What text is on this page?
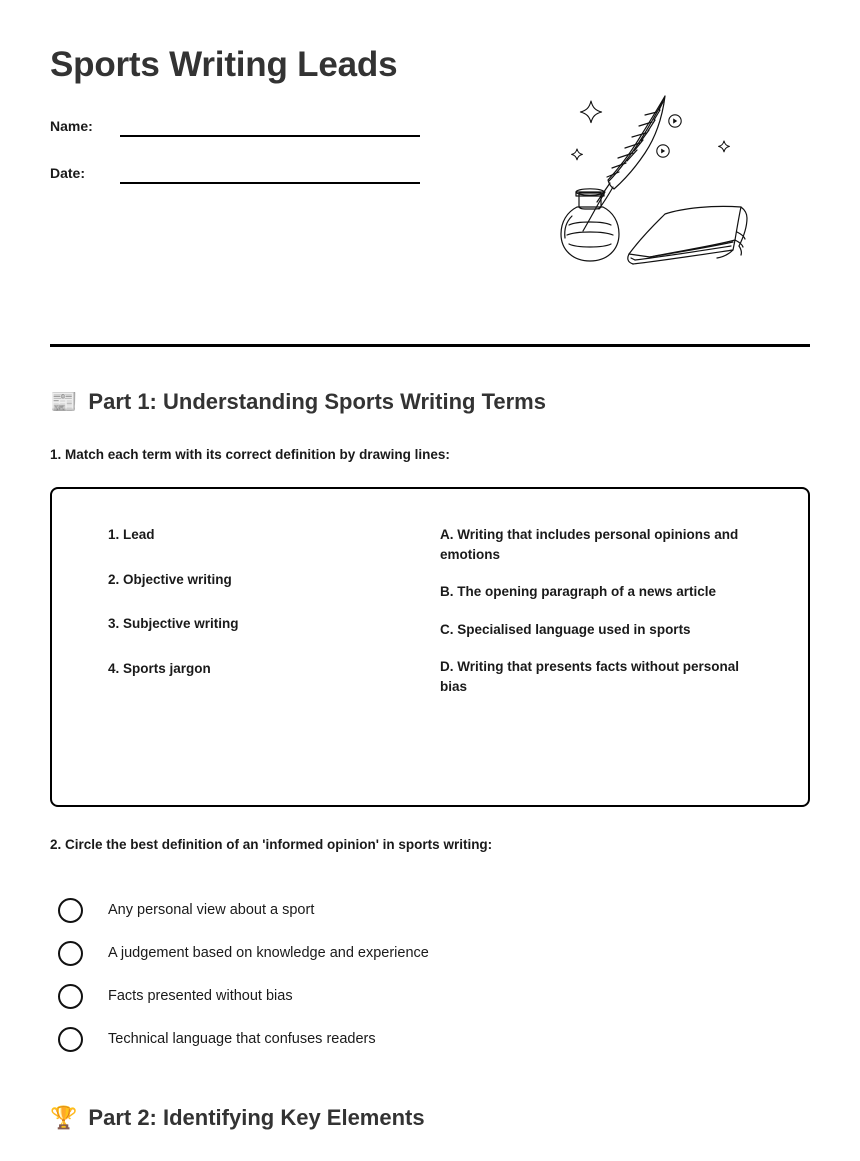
Sports Writing Leads
Name:
Date:
📰 Part 1: Understanding Sports Writing Terms
1. Match each term with its correct definition by drawing lines:
1. Lead
2. Objective writing
3. Subjective writing
4. Sports jargon
A. Writing that includes personal opinions and emotions
B. The opening paragraph of a news article
C. Specialised language used in sports
D. Writing that presents facts without personal bias
2. Circle the best definition of an 'informed opinion' in sports writing:
Any personal view about a sport
A judgement based on knowledge and experience
Facts presented without bias
Technical language that confuses readers
🏆 Part 2: Identifying Key Elements
